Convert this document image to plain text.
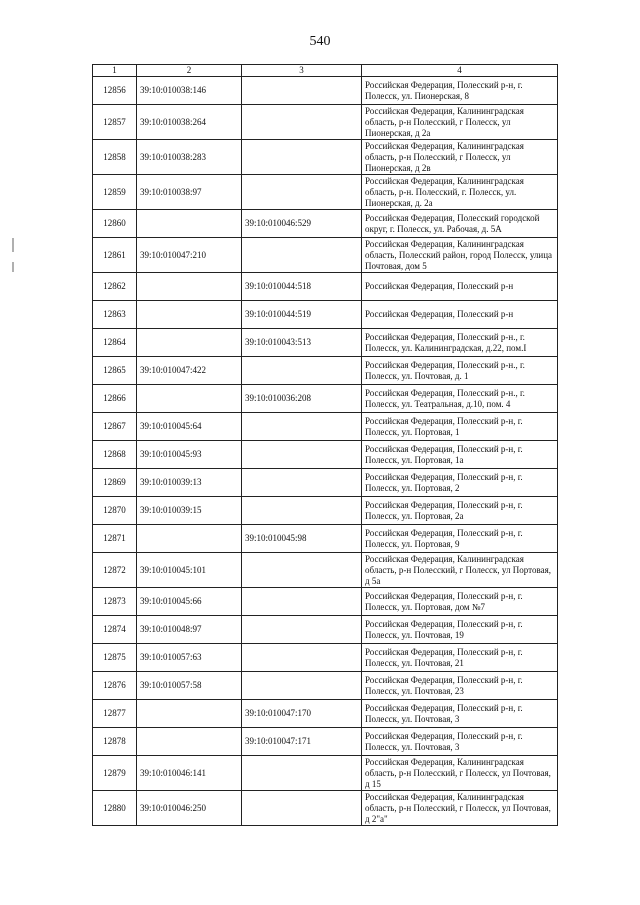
540
1	2	3	4
12856	39:10:010038:146		Российская Федерация, Полесский р-н, г. Полесск, ул. Пионерская, 8
12857	39:10:010038:264		Российская Федерация, Калининградская область, р-н Полесский, г Полесск, ул Пионерская, д 2а
12858	39:10:010038:283		Российская Федерация, Калининградская область, р-н Полесский, г Полесск, ул Пионерская, д 2в
12859	39:10:010038:97		Российская Федерация, Калининградская область, р-н. Полесский, г. Полесск, ул. Пионерская, д. 2а
12860		39:10:010046:529	Российская Федерация, Полесский городской округ, г. Полесск, ул. Рабочая, д. 5А
12861	39:10:010047:210		Российская Федерация, Калининградская область, Полесский район, город Полесск, улица Почтовая, дом 5
12862		39:10:010044:518	Российская Федерация, Полесский р-н
12863		39:10:010044:519	Российская Федерация, Полесский р-н
12864		39:10:010043:513	Российская Федерация, Полесский р-н., г. Полесск, ул. Калининградская, д.22, пом.I
12865	39:10:010047:422		Российская Федерация, Полесский р-н., г. Полесск, ул. Почтовая, д. 1
12866		39:10:010036:208	Российская Федерация, Полесский р-н., г. Полесск, ул. Театральная, д.10, пом. 4
12867	39:10:010045:64		Российская Федерация, Полесский р-н, г. Полесск, ул. Портовая, 1
12868	39:10:010045:93		Российская Федерация, Полесский р-н, г. Полесск, ул. Портовая, 1а
12869	39:10:010039:13		Российская Федерация, Полесский р-н, г. Полесск, ул. Портовая, 2
12870	39:10:010039:15		Российская Федерация, Полесский р-н, г. Полесск, ул. Портовая, 2а
12871		39:10:010045:98	Российская Федерация, Полесский р-н, г. Полесск, ул. Портовая, 9
12872	39:10:010045:101		Российская Федерация, Калининградская область, р-н Полесский, г Полесск, ул Портовая, д 5а
12873	39:10:010045:66		Российская Федерация, Полесский р-н, г. Полесск, ул. Портовая, дом №7
12874	39:10:010048:97		Российская Федерация, Полесский р-н, г. Полесск, ул. Почтовая, 19
12875	39:10:010057:63		Российская Федерация, Полесский р-н, г. Полесск, ул. Почтовая, 21
12876	39:10:010057:58		Российская Федерация, Полесский р-н, г. Полесск, ул. Почтовая, 23
12877		39:10:010047:170	Российская Федерация, Полесский р-н, г. Полесск, ул. Почтовая, 3
12878		39:10:010047:171	Российская Федерация, Полесский р-н, г. Полесск, ул. Почтовая, 3
12879	39:10:010046:141		Российская Федерация, Калининградская область, р-н Полесский, г Полесск, ул Почтовая, д 15
12880	39:10:010046:250		Российская Федерация, Калининградская область, р-н Полесский, г Полесск, ул Почтовая, д 2"а"
